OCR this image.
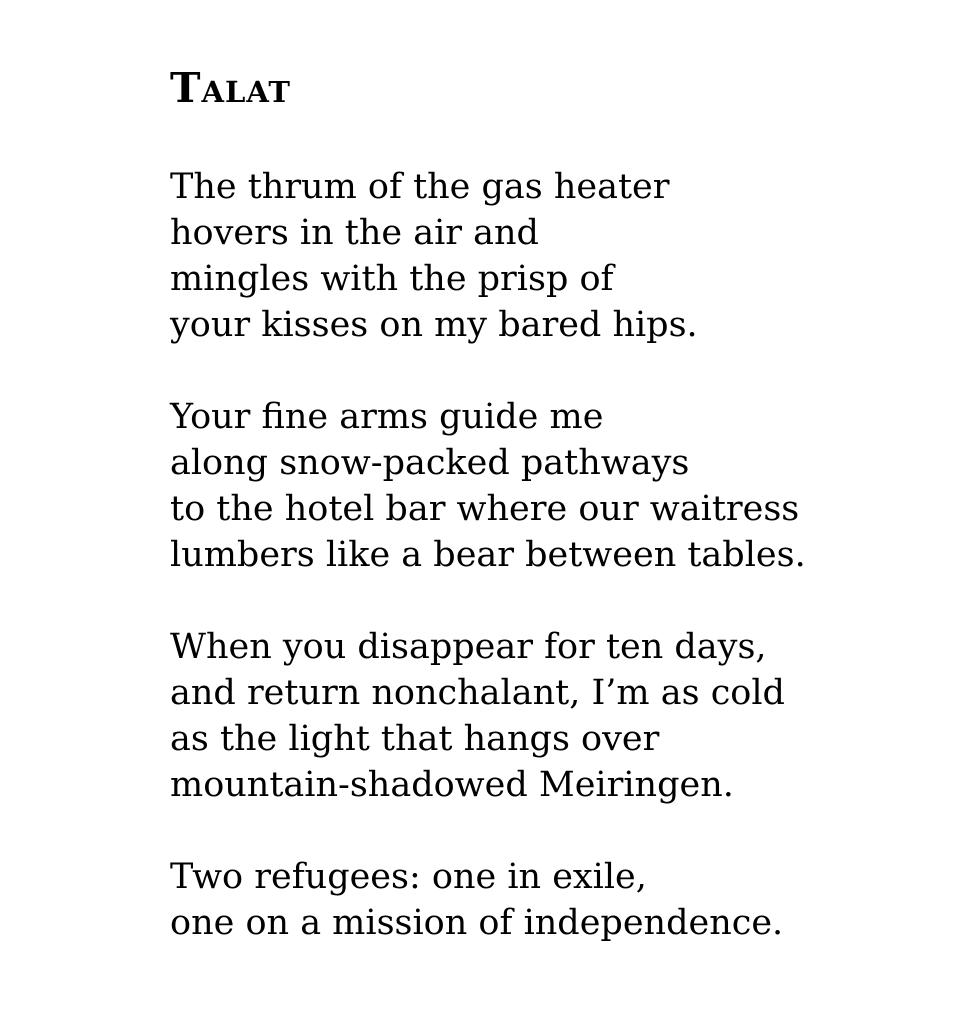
Talat
The thrum of the gas heater
hovers in the air and
mingles with the prisp of
your kisses on my bared hips.
Your fine arms guide me
along snow-packed pathways
to the hotel bar where our waitress
lumbers like a bear between tables.
When you disappear for ten days,
and return nonchalant, I’m as cold
as the light that hangs over
mountain-shadowed Meiringen.
Two refugees: one in exile,
one on a mission of independence.
